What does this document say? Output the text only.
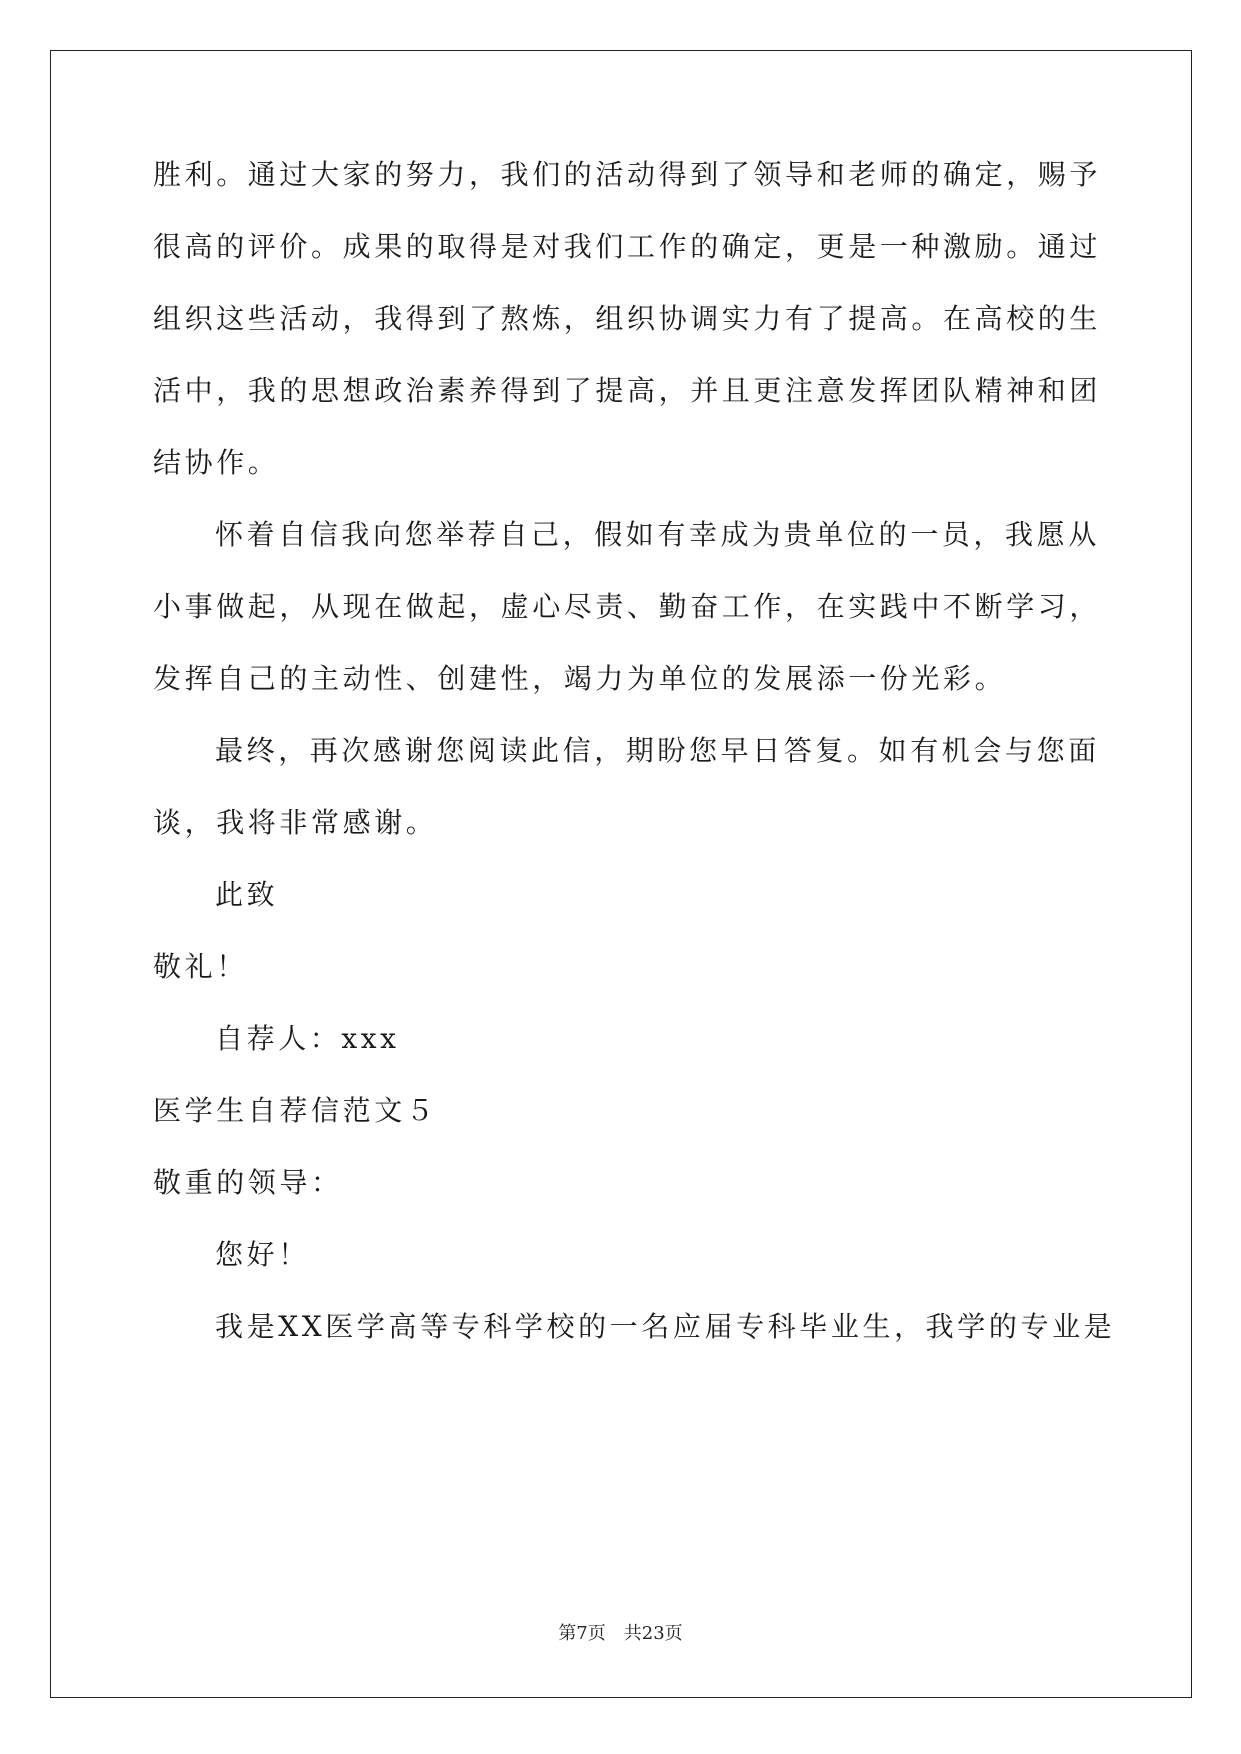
胜利。通过大家的努力，我们的活动得到了领导和老师的确定，赐予
很高的评价。成果的取得是对我们工作的确定，更是一种激励。通过
组织这些活动，我得到了熬炼，组织协调实力有了提高。在高校的生
活中，我的思想政治素养得到了提高，并且更注意发挥团队精神和团
结协作。
怀着自信我向您举荐自己，假如有幸成为贵单位的一员，我愿从
小事做起，从现在做起，虚心尽责、勤奋工作，在实践中不断学习，
发挥自己的主动性、创建性，竭力为单位的发展添一份光彩。
最终，再次感谢您阅读此信，期盼您早日答复。如有机会与您面
谈，我将非常感谢。
此致
敬礼！
自荐人：xxx
医学生自荐信范文５
敬重的领导：
您好！
我是XX医学高等专科学校的一名应届专科毕业生，我学的专业是
第7页　共23页
